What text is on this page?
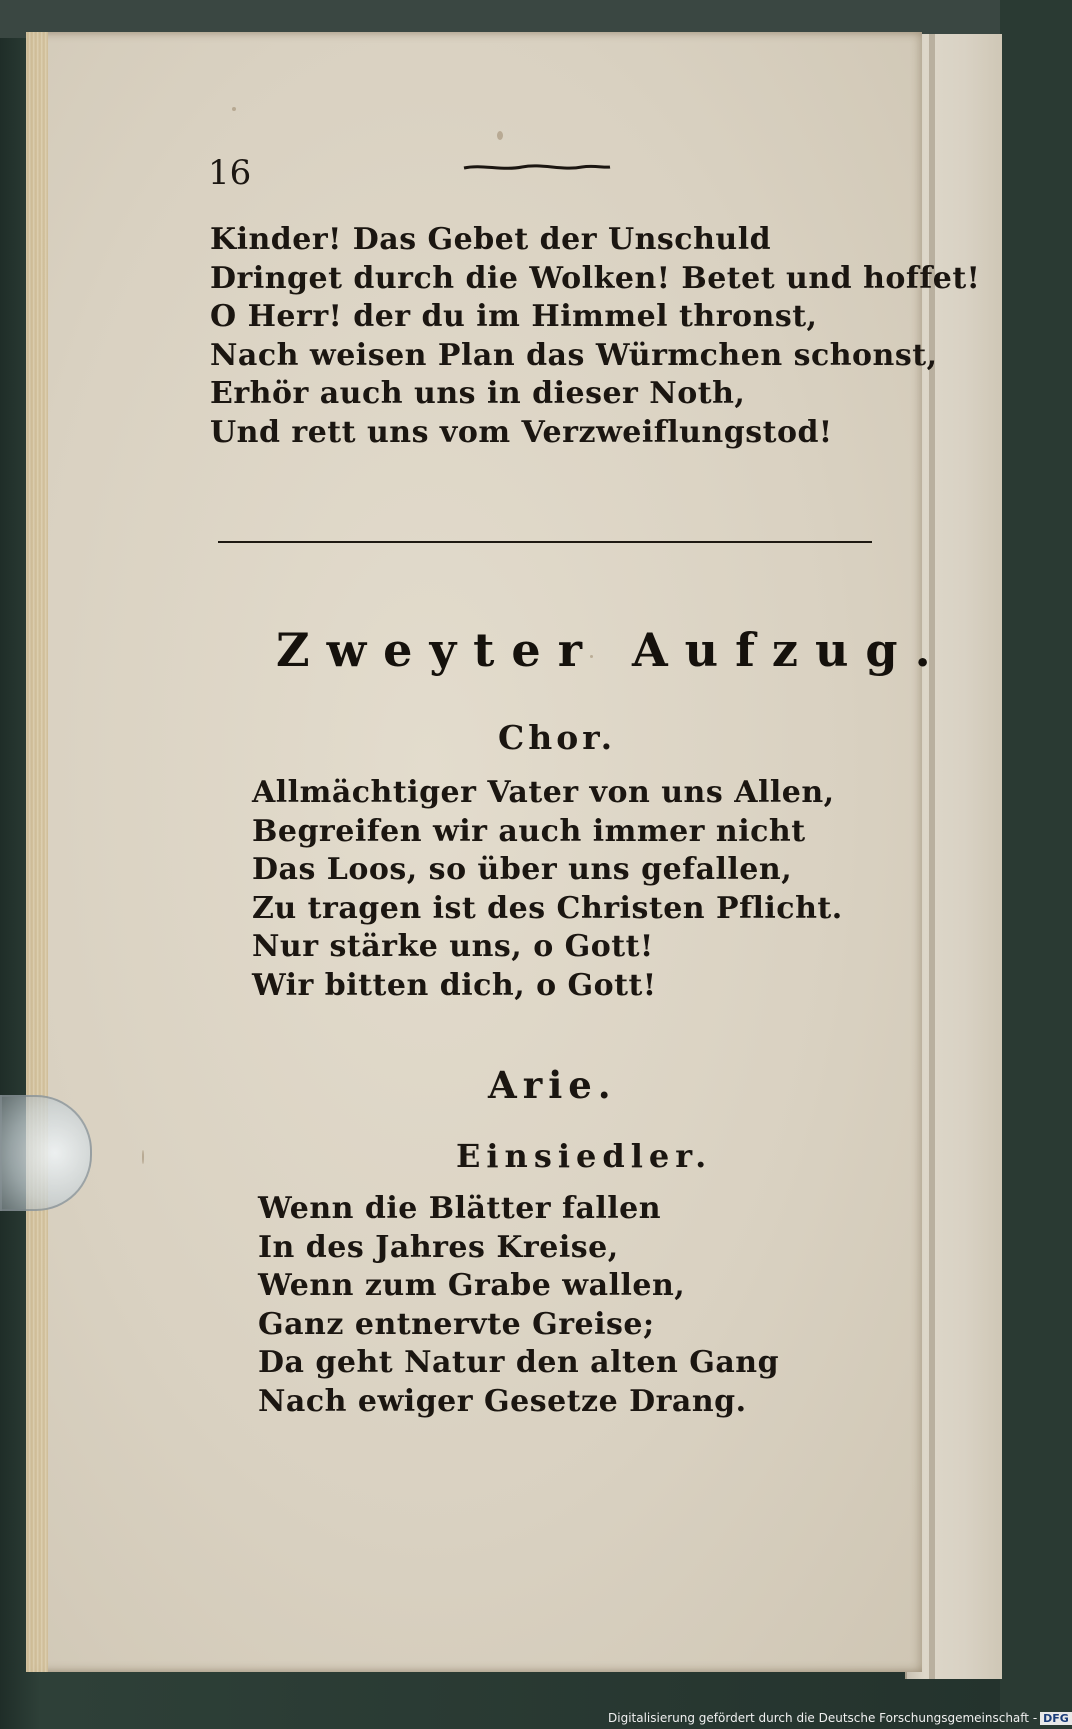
16
Kinder! Das Gebet der Unschuld
Dringet durch die Wolken! Betet und hoffet!
O Herr! der du im Himmel thronst,
Nach weisen Plan das Würmchen schonst,
Erhör auch uns in dieser Noth,
Und rett uns vom Verzweiflungstod!
Zweyter Aufzug.
Chor.
Allmächtiger Vater von uns Allen,
Begreifen wir auch immer nicht
Das Loos, so über uns gefallen,
Zu tragen ist des Christen Pflicht.
Nur stärke uns, o Gott!
Wir bitten dich, o Gott!
Arie.
Einsiedler.
Wenn die Blätter fallen
In des Jahres Kreise,
Wenn zum Grabe wallen,
Ganz entnervte Greise;
Da geht Natur den alten Gang
Nach ewiger Gesetze Drang.
Digitalisierung gefördert durch die Deutsche Forschungsgemeinschaft - DFG
